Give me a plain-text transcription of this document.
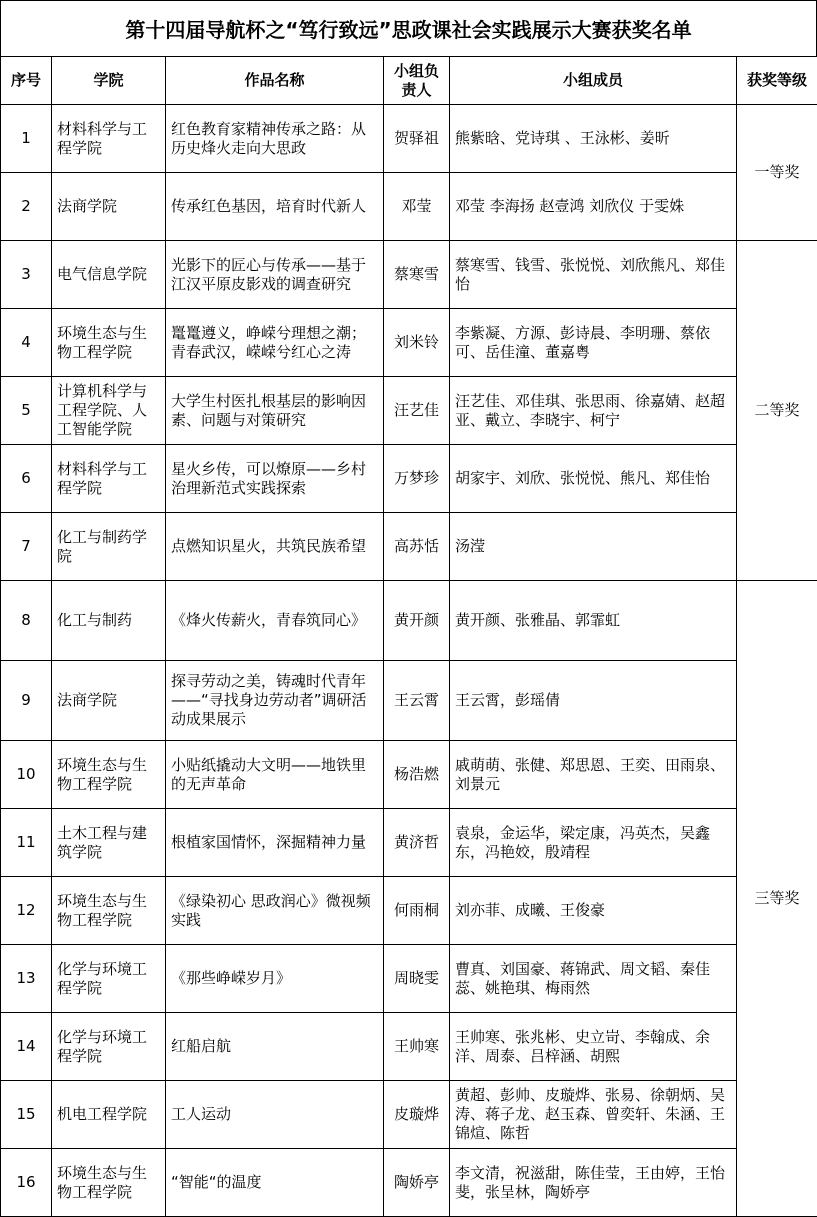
第十四届导航杯之“笃行致远”思政课社会实践展示大赛获奖名单
序号	学院	作品名称	小组负责人	小组成员	获奖等级
1	材料科学与工程学院	红色教育家精神传承之路：从历史烽火走向大思政	贺驿祖	熊紫晗、党诗琪 、王泳彬、姜昕	一等奖
2	法商学院	传承红色基因，培育时代新人	邓莹	邓莹 李海扬 赵壹鸿 刘欣仪 于雯姝	
3	电气信息学院	光影下的匠心与传承——基于江汉平原皮影戏的调查研究	蔡寒雪	蔡寒雪、钱雪、张悦悦、刘欣熊凡、郑佳怡	二等奖
4	环境生态与生物工程学院	鼍鼍遵义，峥嵘兮理想之潮；青春武汉，嵘嵘兮红心之涛	刘米铃	李紫凝、方源、彭诗晨、李明珊、蔡依可、岳佳潼、董嘉粤	
5	计算机科学与工程学院、人工智能学院	大学生村医扎根基层的影响因素、问题与对策研究	汪艺佳	汪艺佳、邓佳琪、张思雨、徐嘉婧、赵超亚、戴立、李晓宇、柯宁	
6	材料科学与工程学院	星火乡传，可以燎原——乡村治理新范式实践探索	万梦珍	胡家宇、刘欣、张悦悦、熊凡、郑佳怡	
7	化工与制药学院	点燃知识星火，共筑民族希望	高苏恬	汤滢	
8	化工与制药	《烽火传薪火，青春筑同心》	黄开颜	黄开颜、张雅晶、郭霏虹	三等奖
9	法商学院	探寻劳动之美，铸魂时代青年——“寻找身边劳动者”调研活动成果展示	王云霄	王云霄，彭瑶倩	
10	环境生态与生物工程学院	小贴纸撬动大文明——地铁里的无声革命	杨浩燃	戚萌萌、张健、郑思恩、王奕、田雨泉、刘景元	
11	土木工程与建筑学院	根植家国情怀，深掘精神力量	黄济哲	袁泉，金运华，梁定康，冯英杰，吴鑫东，冯艳姣，殷靖程	
12	环境生态与生物工程学院	《绿染初心 思政润心》微视频实践	何雨桐	刘亦菲、成曦、王俊豪	
13	化学与环境工程学院	《那些峥嵘岁月》	周晓雯	曹真、刘国豪、蒋锦武、周文韬、秦佳蕊、姚艳琪、梅雨然	
14	化学与环境工程学院	红船启航	王帅寒	王帅寒、张兆彬、史立岢、李翰成、余洋、周泰、吕梓涵、胡熙	
15	机电工程学院	工人运动	皮璇烨	黄超、彭帅、皮璇烨、张易、徐朝炳、吴涛、蒋子龙、赵玉森、曾奕轩、朱涵、王锦煊、陈哲	
16	环境生态与生物工程学院	“智能“的温度	陶娇亭	李文清，祝滋甜，陈佳莹，王由婷，王怡斐，张呈林，陶娇亭	
